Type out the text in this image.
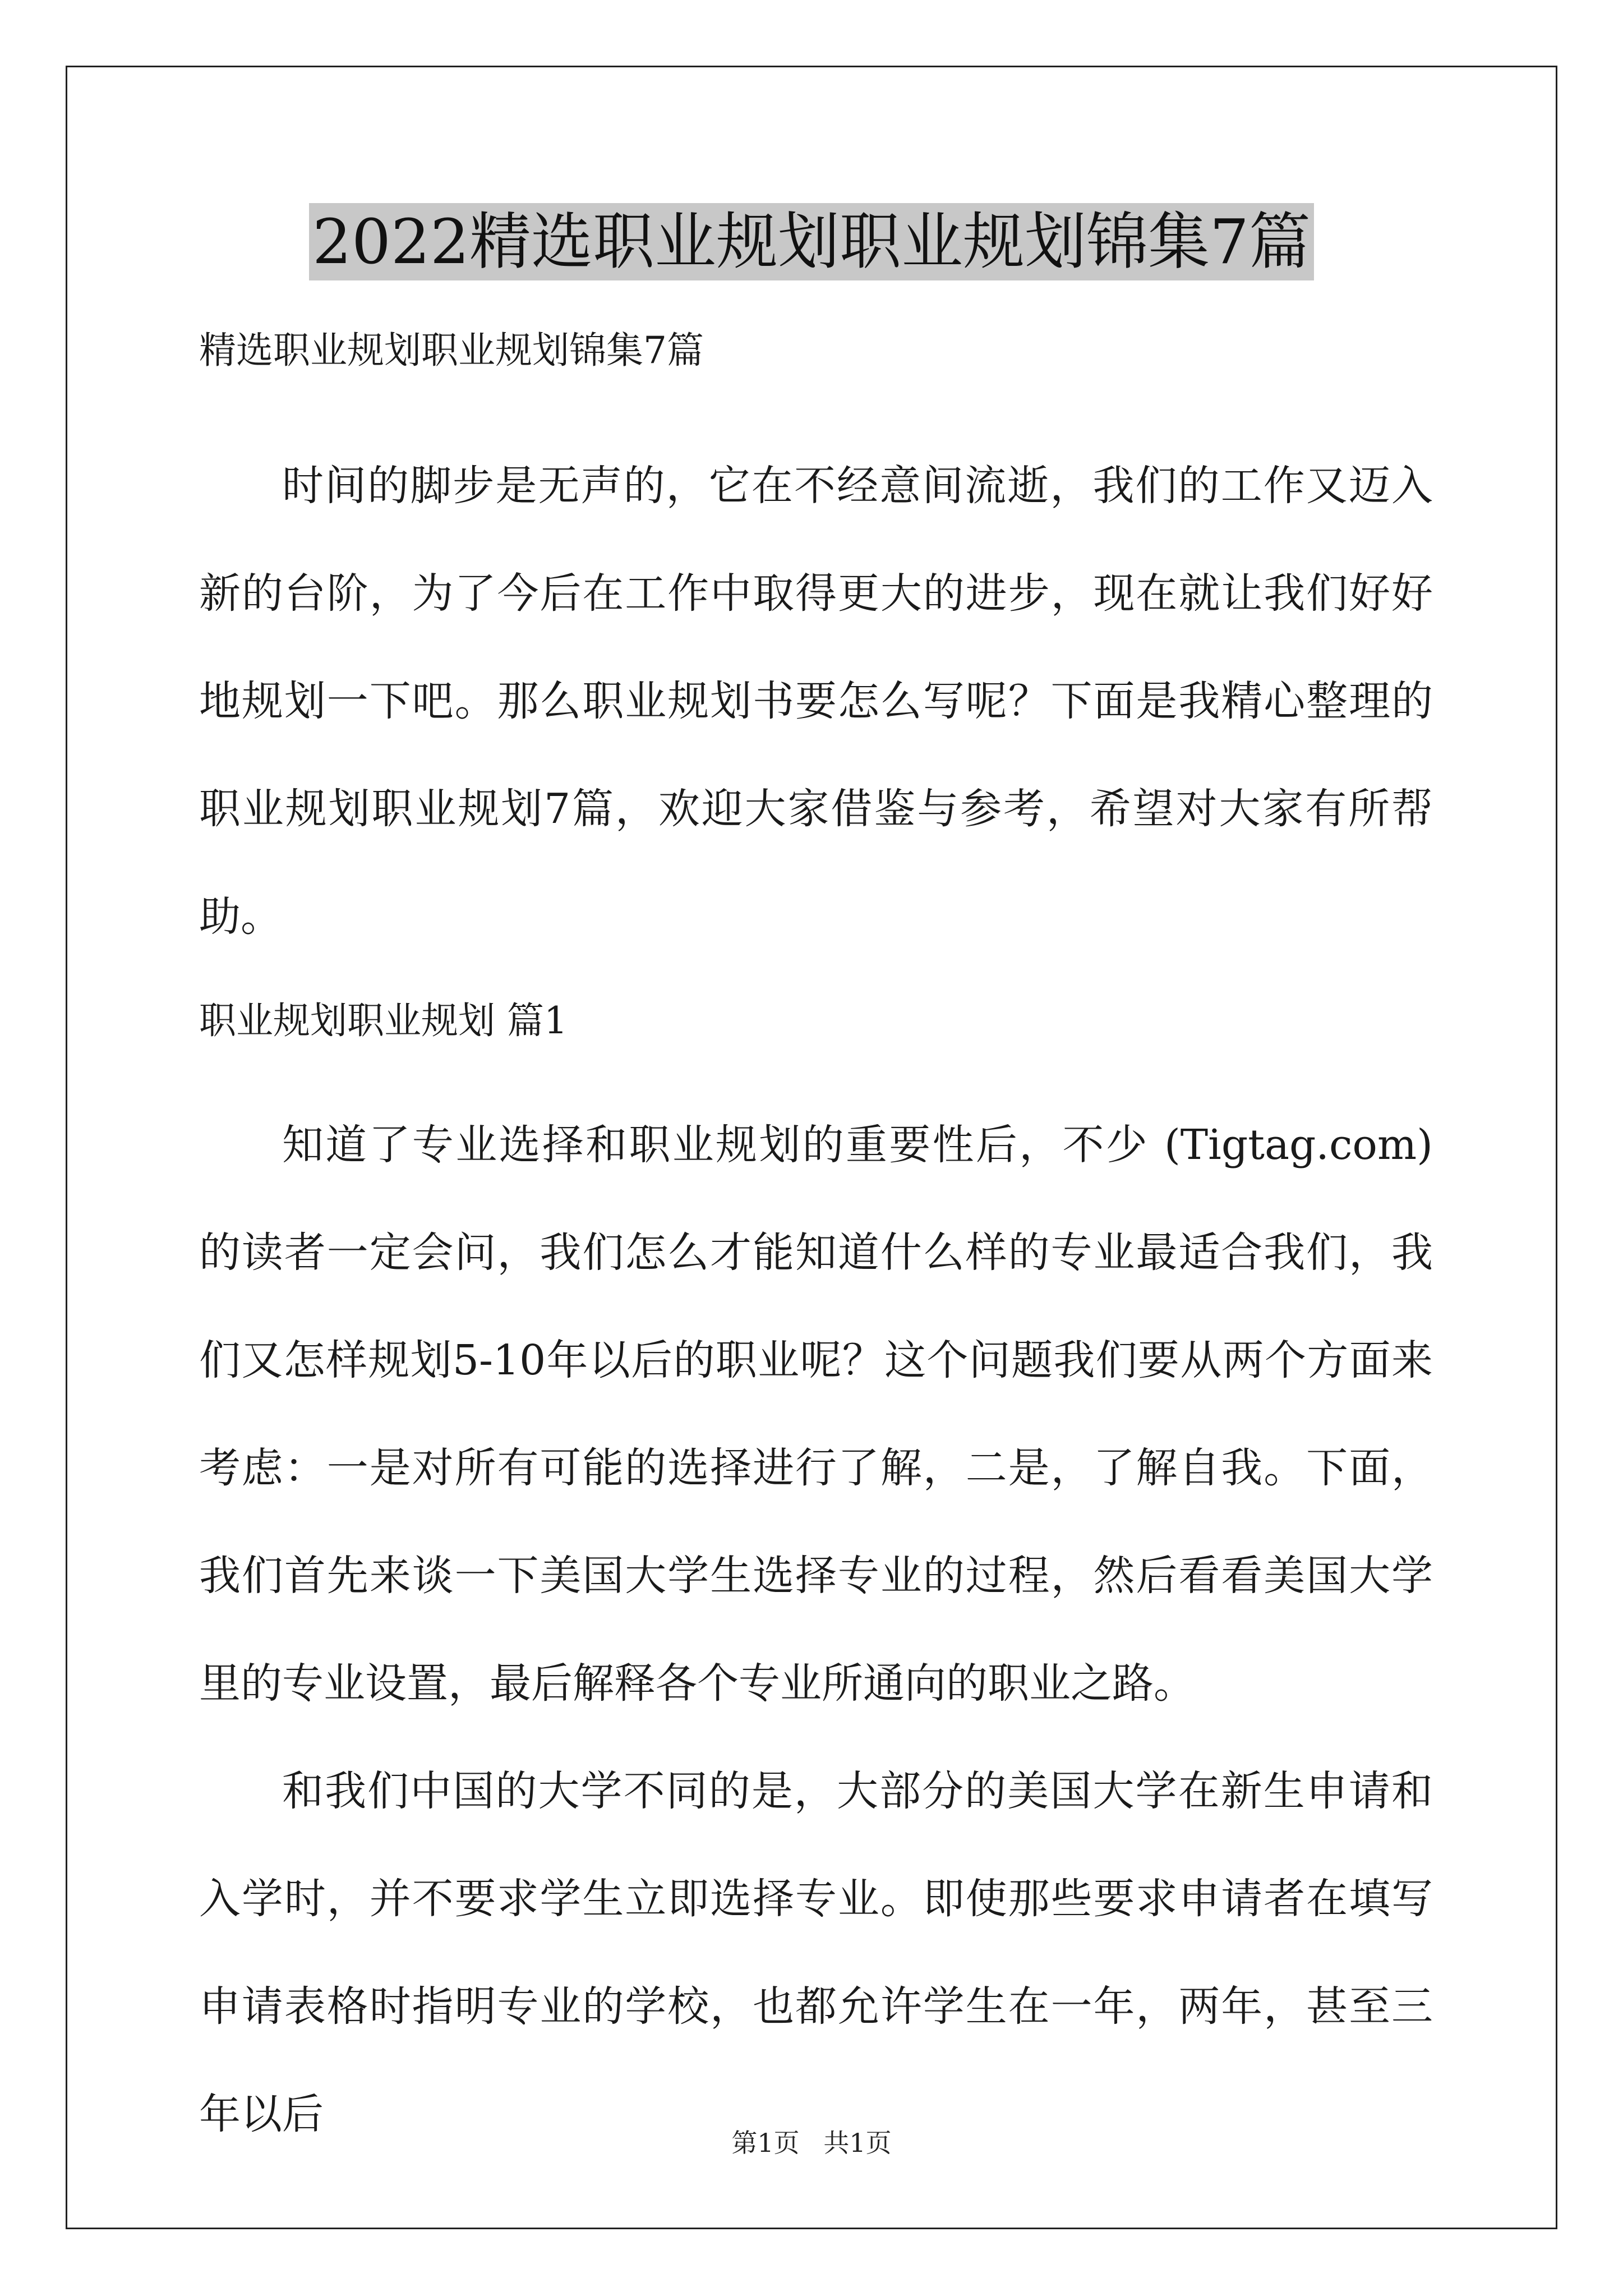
2022精选职业规划职业规划锦集7篇
精选职业规划职业规划锦集7篇

时间的脚步是无声的，它在不经意间流逝，我们的工作又迈入新的台阶，为了今后在工作中取得更大的进步，现在就让我们好好地规划一下吧。那么职业规划书要怎么写呢？下面是我精心整理的职业规划职业规划7篇，欢迎大家借鉴与参考，希望对大家有所帮助。

职业规划职业规划 篇1

知道了专业选择和职业规划的重要性后，不少 (Tigtag.com) 的读者一定会问，我们怎么才能知道什么样的专业最适合我们，我们又怎样规划5-10年以后的职业呢？这个问题我们要从两个方面来考虑：一是对所有可能的选择进行了解，二是，了解自我。下面，我们首先来谈一下美国大学生选择专业的过程，然后看看美国大学里的专业设置，最后解释各个专业所通向的职业之路。

和我们中国的大学不同的是，大部分的美国大学在新生申请和入学时，并不要求学生立即选择专业。即使那些要求申请者在填写申请表格时指明专业的学校，也都允许学生在一年，两年，甚至三年以后

第1页 共1页
